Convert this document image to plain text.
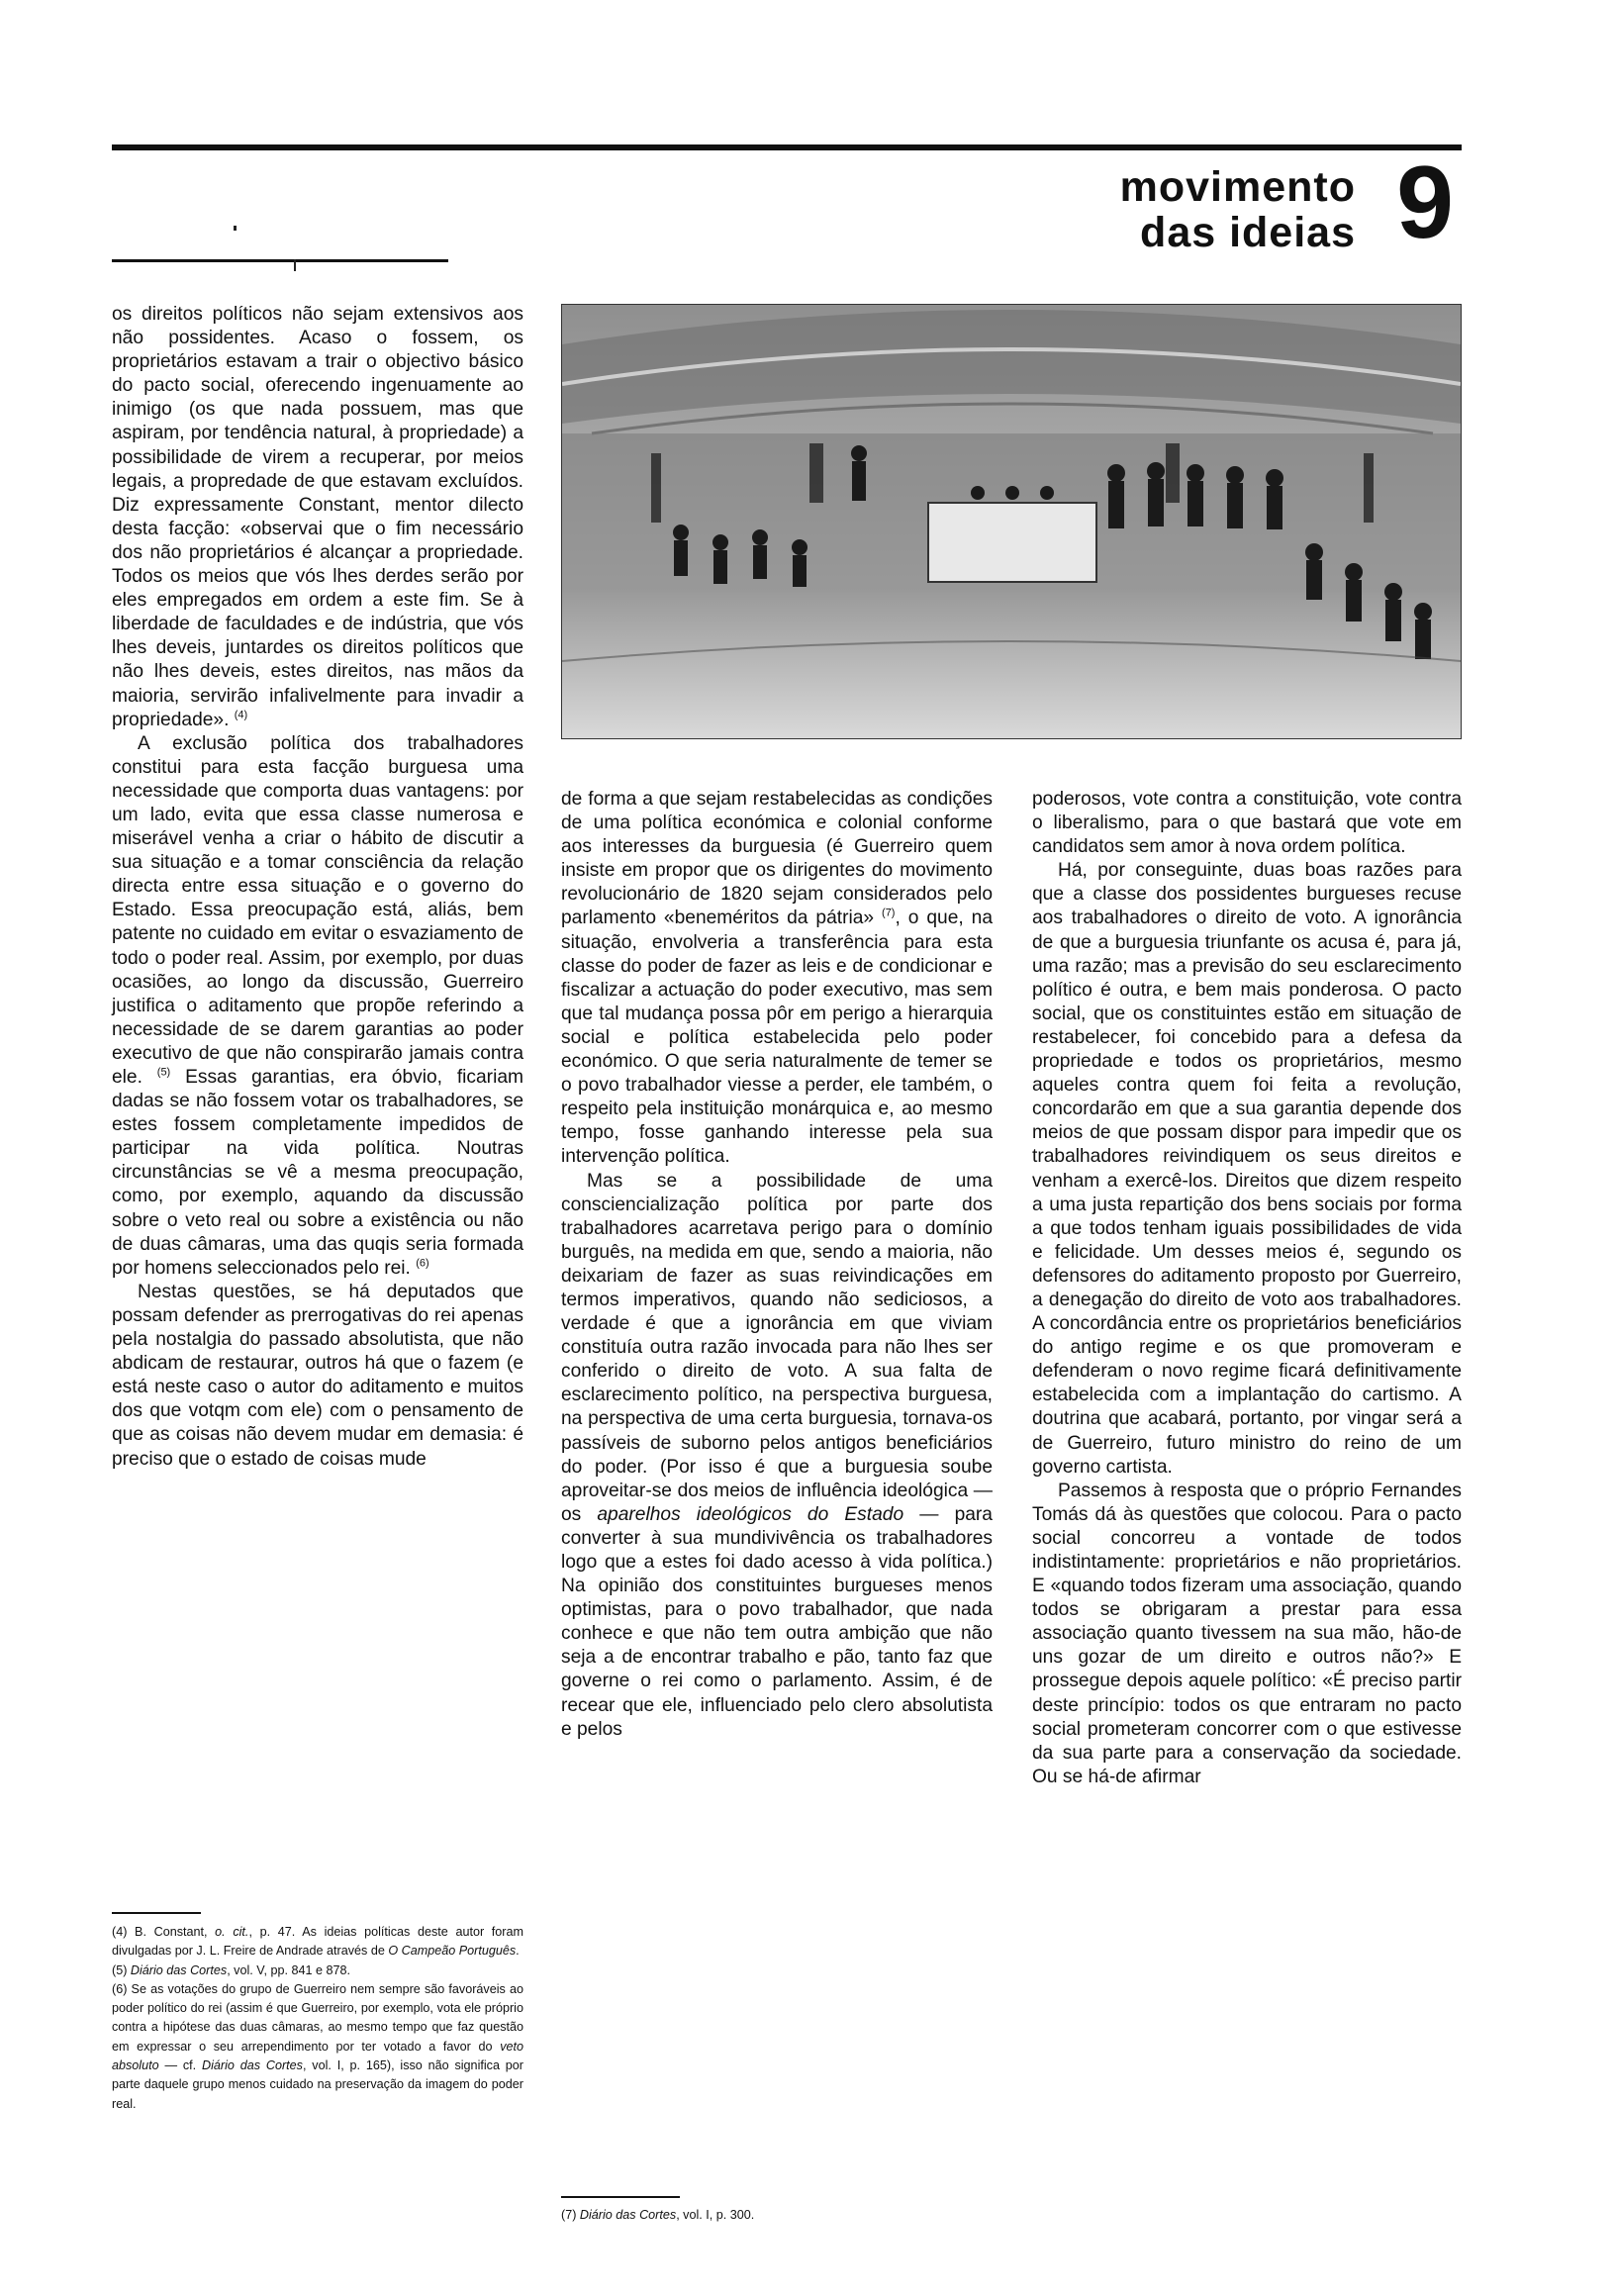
movimento
das ideias 9

os direitos políticos não sejam extensivos aos não possidentes. Acaso o fossem, os proprietários estavam a trair o objectivo básico do pacto social, oferecendo ingenuamente ao inimigo (os que nada possuem, mas que aspiram, por tendência natural, à propriedade) a possibilidade de virem a recuperar, por meios legais, a propredade de que estavam excluídos. Diz expressamente Constant, mentor dilecto desta facção: «observai que o fim necessário dos não proprietários é alcançar a propriedade. Todos os meios que vós lhes derdes serão por eles empregados em ordem a este fim. Se à liberdade de faculdades e de indústria, que vós lhes deveis, juntardes os direitos políticos que não lhes deveis, estes direitos, nas mãos da maioria, servirão infalivelmente para invadir a propriedade». $^{(4)}$

A exclusão política dos trabalhadores constitui para esta facção burguesa uma necessidade que comporta duas vantagens: por um lado, evita que essa classe numerosa e miserável venha a criar o hábito de discutir a sua situação e a tomar consciência da relação directa entre essa situação e o governo do Estado. Essa preocupação está, aliás, bem patente no cuidado em evitar o esvaziamento de todo o poder real. Assim, por exemplo, por duas ocasiões, ao longo da discussão, Guerreiro justifica o aditamento que propõe referindo a necessidade de se darem garantias ao poder executivo de que não conspirarão jamais contra ele. $^{(5)}$ Essas garantias, era óbvio, ficariam dadas se não fossem votar os trabalhadores, se estes fossem completamente impedidos de participar na vida política. Noutras circunstâncias se vê a mesma preocupação, como, por exemplo, aquando da discussão sobre o veto real ou sobre a existência ou não de duas câmaras, uma das quqis seria formada por homens seleccionados pelo rei. $^{(6)}$

Nestas questões, se há deputados que possam defender as prerrogativas do rei apenas pela nostalgia do passado absolutista, que não abdicam de restaurar, outros há que o fazem (e está neste caso o autor do aditamento e muitos dos que votqm com ele) com o pensamento de que as coisas não devem mudar em demasia: é preciso que o estado de coisas mude

de forma a que sejam restabelecidas as condições de uma política económica e colonial conforme aos interesses da burguesia (é Guerreiro quem insiste em propor que os dirigentes do movimento revolucionário de 1820 sejam considerados pelo parlamento «beneméritos da pátria» $^{(7)}$, o que, na situação, envolveria a transferência para esta classe do poder de fazer as leis e de condicionar e fiscalizar a actuação do poder executivo, mas sem que tal mudança possa pôr em perigo a hierarquia social e política estabelecida pelo poder económico. O que seria naturalmente de temer se o povo trabalhador viesse a perder, ele também, o respeito pela instituição monárquica e, ao mesmo tempo, fosse ganhando interesse pela sua intervenção política.

Mas se a possibilidade de uma consciencialização política por parte dos trabalhadores acarretava perigo para o domínio burguês, na medida em que, sendo a maioria, não deixariam de fazer as suas reivindicações em termos imperativos, quando não sediciosos, a verdade é que a ignorância em que viviam constituía outra razão invocada para não lhes ser conferido o direito de voto. A sua falta de esclarecimento político, na perspectiva burguesa, na perspectiva de uma certa burguesia, tornava-os passíveis de suborno pelos antigos beneficiários do poder. (Por isso é que a burguesia soube aproveitar-se dos meios de influência ideológica — os aparelhos ideológicos do Estado — para converter à sua mundivivência os trabalhadores logo que a estes foi dado acesso à vida política.) Na opinião dos constituintes burgueses menos optimistas, para o povo trabalhador, que nada conhece e que não tem outra ambição que não seja a de encontrar trabalho e pão, tanto faz que governe o rei como o parlamento. Assim, é de recear que ele, influenciado pelo clero absolutista e pelos

poderosos, vote contra a constituição, vote contra o liberalismo, para o que bastará que vote em candidatos sem amor à nova ordem política.

Há, por conseguinte, duas boas razões para que a classe dos possidentes burgueses recuse aos trabalhadores o direito de voto. A ignorância de que a burguesia triunfante os acusa é, para já, uma razão; mas a previsão do seu esclarecimento político é outra, e bem mais ponderosa. O pacto social, que os constituintes estão em situação de restabelecer, foi concebido para a defesa da propriedade e todos os proprietários, mesmo aqueles contra quem foi feita a revolução, concordarão em que a sua garantia depende dos meios de que possam dispor para impedir que os trabalhadores reivindiquem os seus direitos e venham a exercê-los. Direitos que dizem respeito a uma justa repartição dos bens sociais por forma a que todos tenham iguais possibilidades de vida e felicidade. Um desses meios é, segundo os defensores do aditamento proposto por Guerreiro, a denegação do direito de voto aos trabalhadores. A concordância entre os proprietários beneficiários do antigo regime e os que promoveram e defenderam o novo regime ficará definitivamente estabelecida com a implantação do cartismo. A doutrina que acabará, portanto, por vingar será a de Guerreiro, futuro ministro do reino de um governo cartista.

Passemos à resposta que o próprio Fernandes Tomás dá às questões que colocou. Para o pacto social concorreu a vontade de todos indistintamente: proprietários e não proprietários. E «quando todos fizeram uma associação, quando todos se obrigaram a prestar para essa associação quanto tivessem na sua mão, hão-de uns gozar de um direito e outros não?» E prossegue depois aquele político: «É preciso partir deste princípio: todos os que entraram no pacto social prometeram concorrer com o que estivesse da sua parte para a conservação da sociedade. Ou se há-de afirmar

(4) B. Constant, o. cit., p. 47. As ideias políticas deste autor foram divulgadas por J. L. Freire de Andrade através de O Campeão Português.

(5) Diário das Cortes, vol. V, pp. 841 e 878.

(6) Se as votações do grupo de Guerreiro nem sempre são favoráveis ao poder político do rei (assim é que Guerreiro, por exemplo, vota ele próprio contra a hipótese das duas câmaras, ao mesmo tempo que faz questão em expressar o seu arrependimento por ter votado a favor do veto absoluto — cf. Diário das Cortes, vol. I, p. 165), isso não significa por parte daquele grupo menos cuidado na preservação da imagem do poder real.

(7) Diário das Cortes, vol. I, p. 300.
